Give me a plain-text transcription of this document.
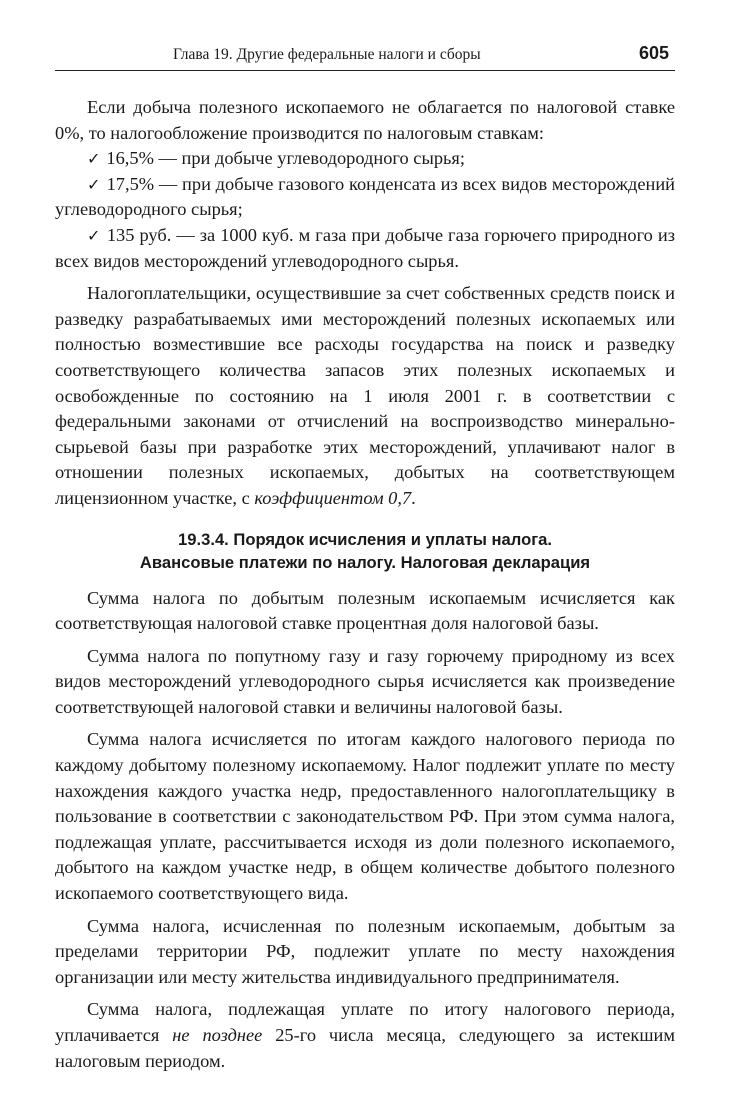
Глава 19. Другие федеральные налоги и сборы	605

Если добыча полезного ископаемого не облагается по налоговой ставке 0%, то налогообложение производится по налоговым ставкам:

✓ 16,5% — при добыче углеводородного сырья;

✓ 17,5% — при добыче газового конденсата из всех видов месторождений углеводородного сырья;

✓ 135 руб. — за 1000 куб. м газа при добыче газа горючего природного из всех видов месторождений углеводородного сырья.

Налогоплательщики, осуществившие за счет собственных средств поиск и разведку разрабатываемых ими месторождений полезных ископаемых или полностью возместившие все расходы государства на поиск и разведку соответствующего количества запасов этих полезных ископаемых и освобожденные по состоянию на 1 июля 2001 г. в соответствии с федеральными законами от отчислений на воспроизводство минерально-сырьевой базы при разработке этих месторождений, уплачивают налог в отношении полезных ископаемых, добытых на соответствующем лицензионном участке, с коэффициентом 0,7.

19.3.4. Порядок исчисления и уплаты налога.
Авансовые платежи по налогу. Налоговая декларация

Сумма налога по добытым полезным ископаемым исчисляется как соответствующая налоговой ставке процентная доля налоговой базы.

Сумма налога по попутному газу и газу горючему природному из всех видов месторождений углеводородного сырья исчисляется как произведение соответствующей налоговой ставки и величины налоговой базы.

Сумма налога исчисляется по итогам каждого налогового периода по каждому добытому полезному ископаемому. Налог подлежит уплате по месту нахождения каждого участка недр, предоставленного налогоплательщику в пользование в соответствии с законодательством РФ. При этом сумма налога, подлежащая уплате, рассчитывается исходя из доли полезного ископаемого, добытого на каждом участке недр, в общем количестве добытого полезного ископаемого соответствующего вида.

Сумма налога, исчисленная по полезным ископаемым, добытым за пределами территории РФ, подлежит уплате по месту нахождения организации или месту жительства индивидуального предпринимателя.

Сумма налога, подлежащая уплате по итогу налогового периода, уплачивается не позднее 25-го числа месяца, следующего за истекшим налоговым периодом.
